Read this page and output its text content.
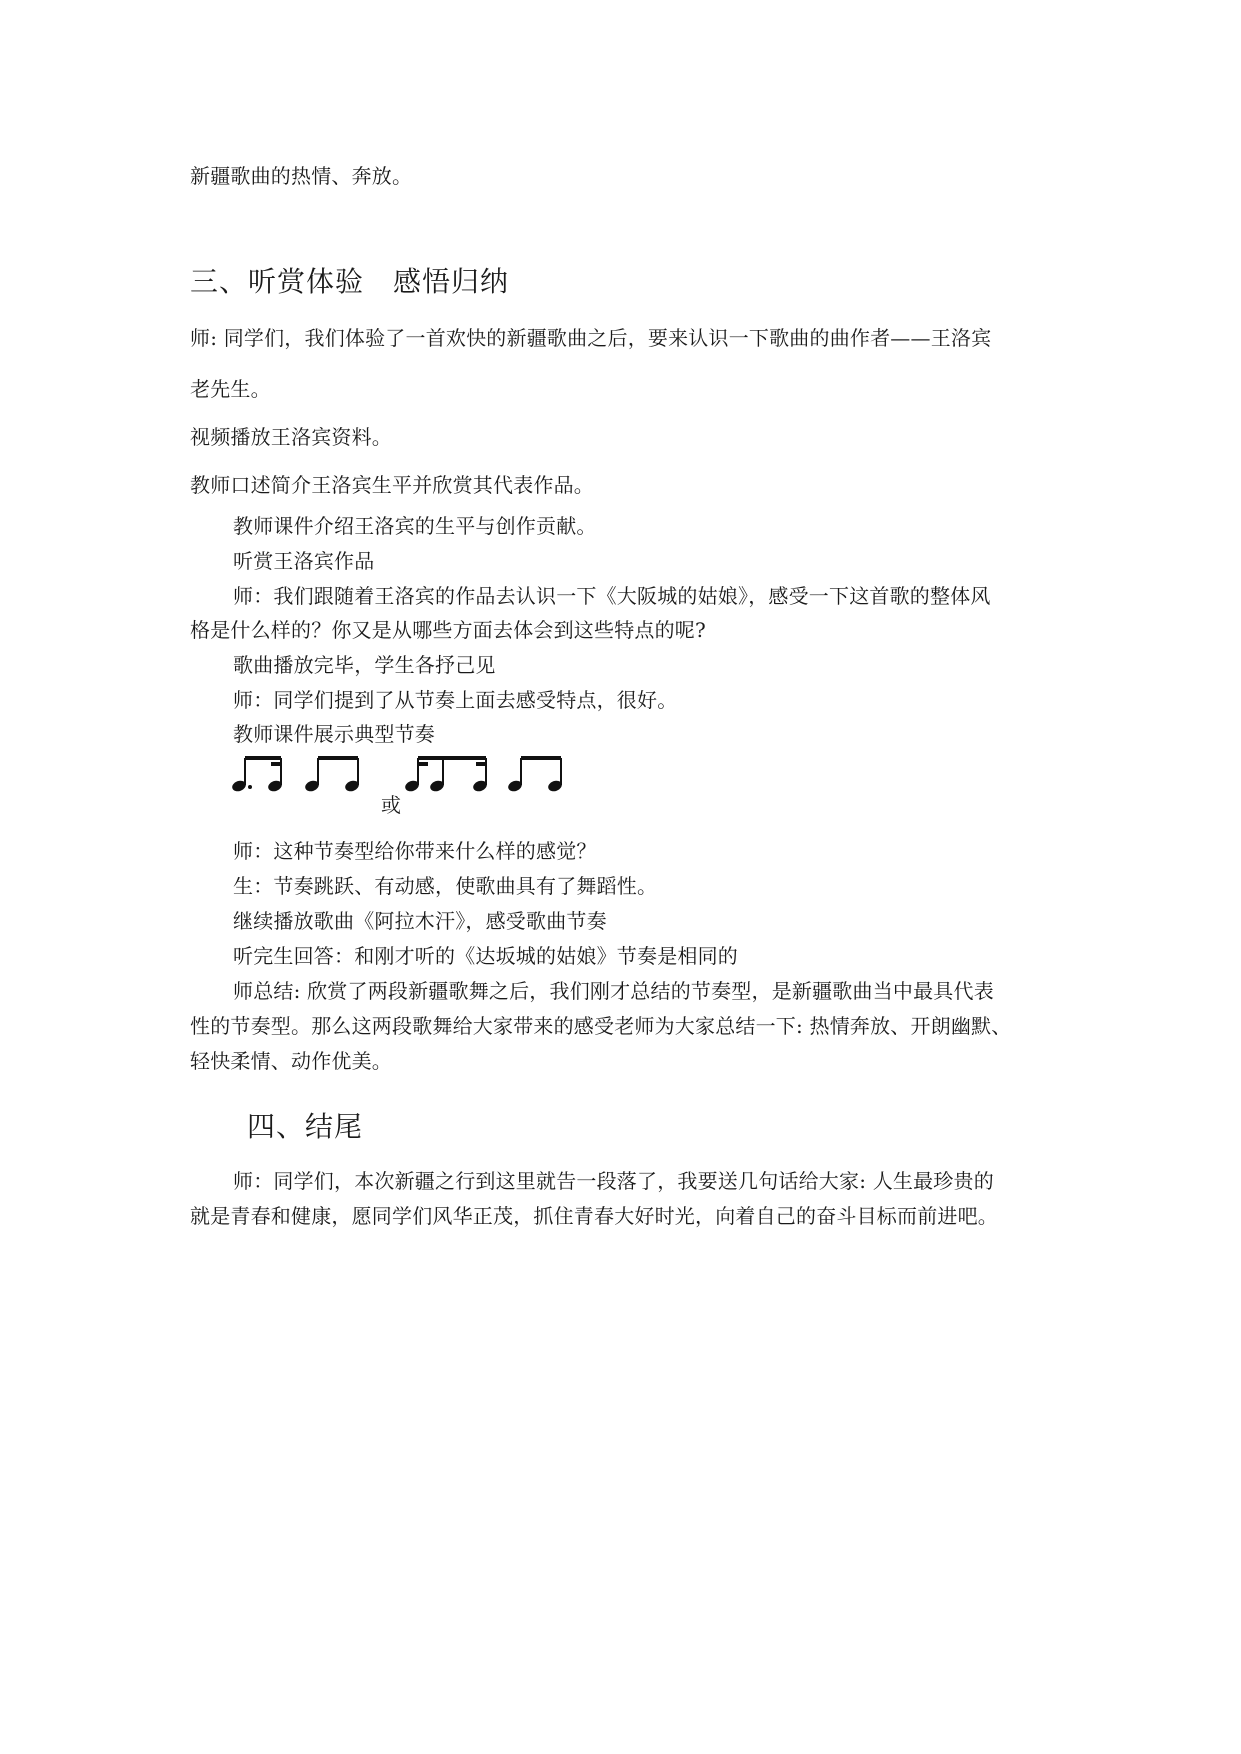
新疆歌曲的热情、奔放。
三、听赏体验　感悟归纳
师: 同学们，我们体验了一首欢快的新疆歌曲之后，要来认识一下歌曲的曲作者——王洛宾
老先生。
视频播放王洛宾资料。
教师口述简介王洛宾生平并欣赏其代表作品。
教师课件介绍王洛宾的生平与创作贡献。
听赏王洛宾作品
师：我们跟随着王洛宾的作品去认识一下《大阪城的姑娘》，感受一下这首歌的整体风
格是什么样的？你又是从哪些方面去体会到这些特点的呢?
歌曲播放完毕，学生各抒己见
师：同学们提到了从节奏上面去感受特点，很好。
教师课件展示典型节奏
或
师：这种节奏型给你带来什么样的感觉？
生：节奏跳跃、有动感，使歌曲具有了舞蹈性。
继续播放歌曲《阿拉木汗》，感受歌曲节奏
听完生回答：和刚才听的《达坂城的姑娘》节奏是相同的
师总结: 欣赏了两段新疆歌舞之后，我们刚才总结的节奏型，是新疆歌曲当中最具代表
性的节奏型。那么这两段歌舞给大家带来的感受老师为大家总结一下: 热情奔放、开朗幽默、
轻快柔情、动作优美。
四、结尾
师：同学们，本次新疆之行到这里就告一段落了，我要送几句话给大家: 人生最珍贵的
就是青春和健康，愿同学们风华正茂，抓住青春大好时光，向着自己的奋斗目标而前进吧。
